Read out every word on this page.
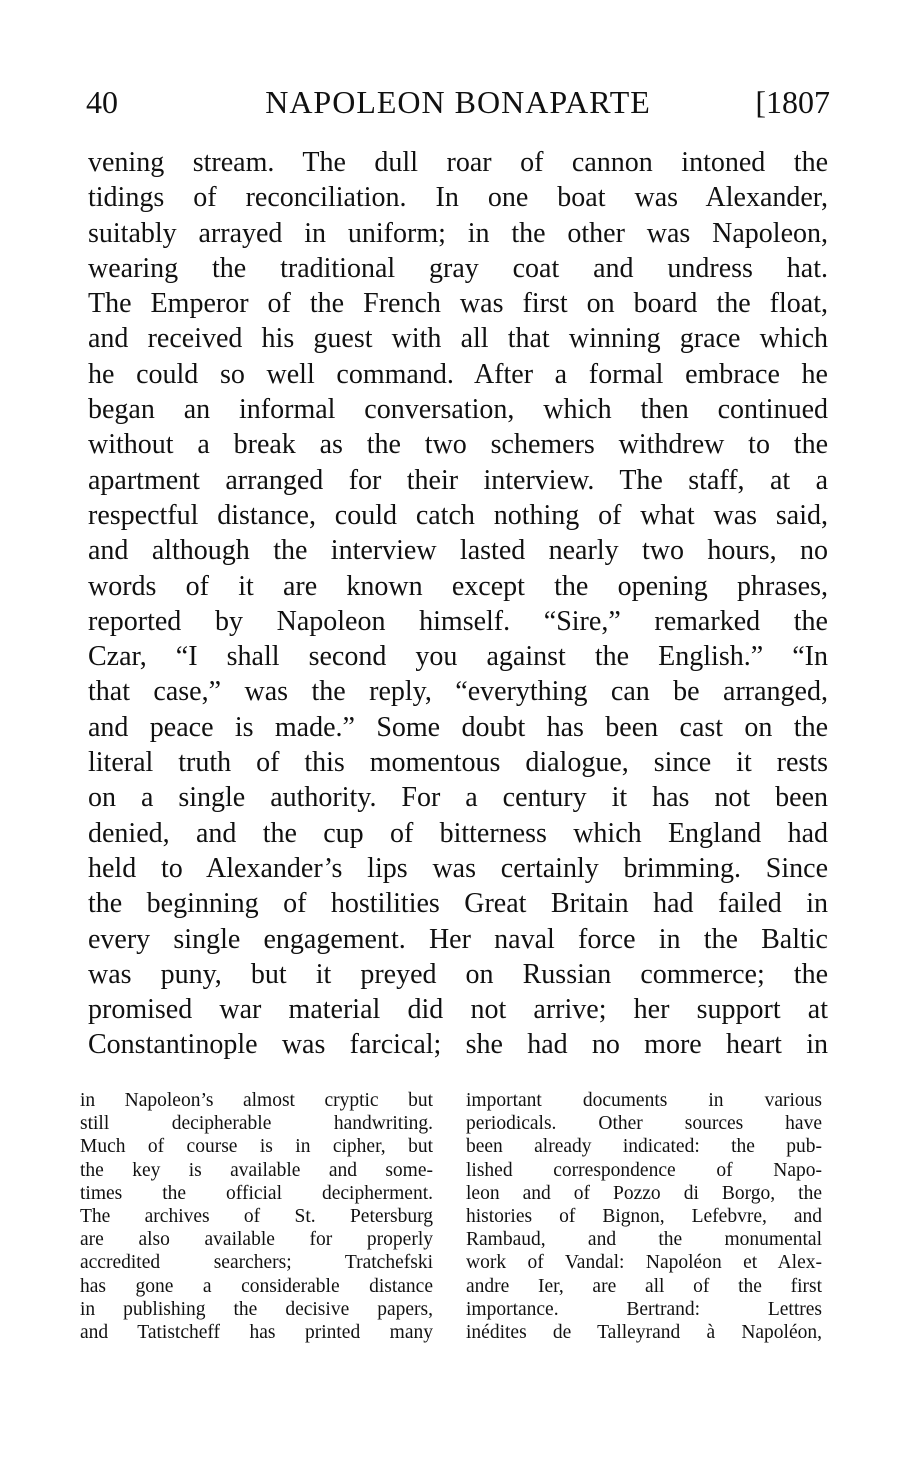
40	NAPOLEON BONAPARTE	[1807
vening stream. The dull roar of cannon intoned the
tidings of reconciliation. In one boat was Alexander,
suitably arrayed in uniform; in the other was Napoleon,
wearing the traditional gray coat and undress hat.
The Emperor of the French was first on board the float,
and received his guest with all that winning grace which
he could so well command. After a formal embrace he
began an informal conversation, which then continued
without a break as the two schemers withdrew to the
apartment arranged for their interview. The staff, at a
respectful distance, could catch nothing of what was said,
and although the interview lasted nearly two hours, no
words of it are known except the opening phrases,
reported by Napoleon himself. “Sire,” remarked the
Czar, “I shall second you against the English.” “In
that case,” was the reply, “everything can be arranged,
and peace is made.” Some doubt has been cast on the
literal truth of this momentous dialogue, since it rests
on a single authority. For a century it has not been
denied, and the cup of bitterness which England had
held to Alexander’s lips was certainly brimming. Since
the beginning of hostilities Great Britain had failed in
every single engagement. Her naval force in the Baltic
was puny, but it preyed on Russian commerce; the
promised war material did not arrive; her support at
Constantinople was farcical; she had no more heart in
in Napoleon’s almost cryptic but
still decipherable handwriting.
Much of course is in cipher, but
the key is available and some-
times the official decipherment.
The archives of St. Petersburg
are also available for properly
accredited searchers; Tratchefski
has gone a considerable distance
in publishing the decisive papers,
and Tatistcheff has printed many
important documents in various
periodicals. Other sources have
been already indicated: the pub-
lished correspondence of Napo-
leon and of Pozzo di Borgo, the
histories of Bignon, Lefebvre, and
Rambaud, and the monumental
work of Vandal: Napoléon et Alex-
andre Ier, are all of the first
importance. Bertrand: Lettres
inédites de Talleyrand à Napoléon,
